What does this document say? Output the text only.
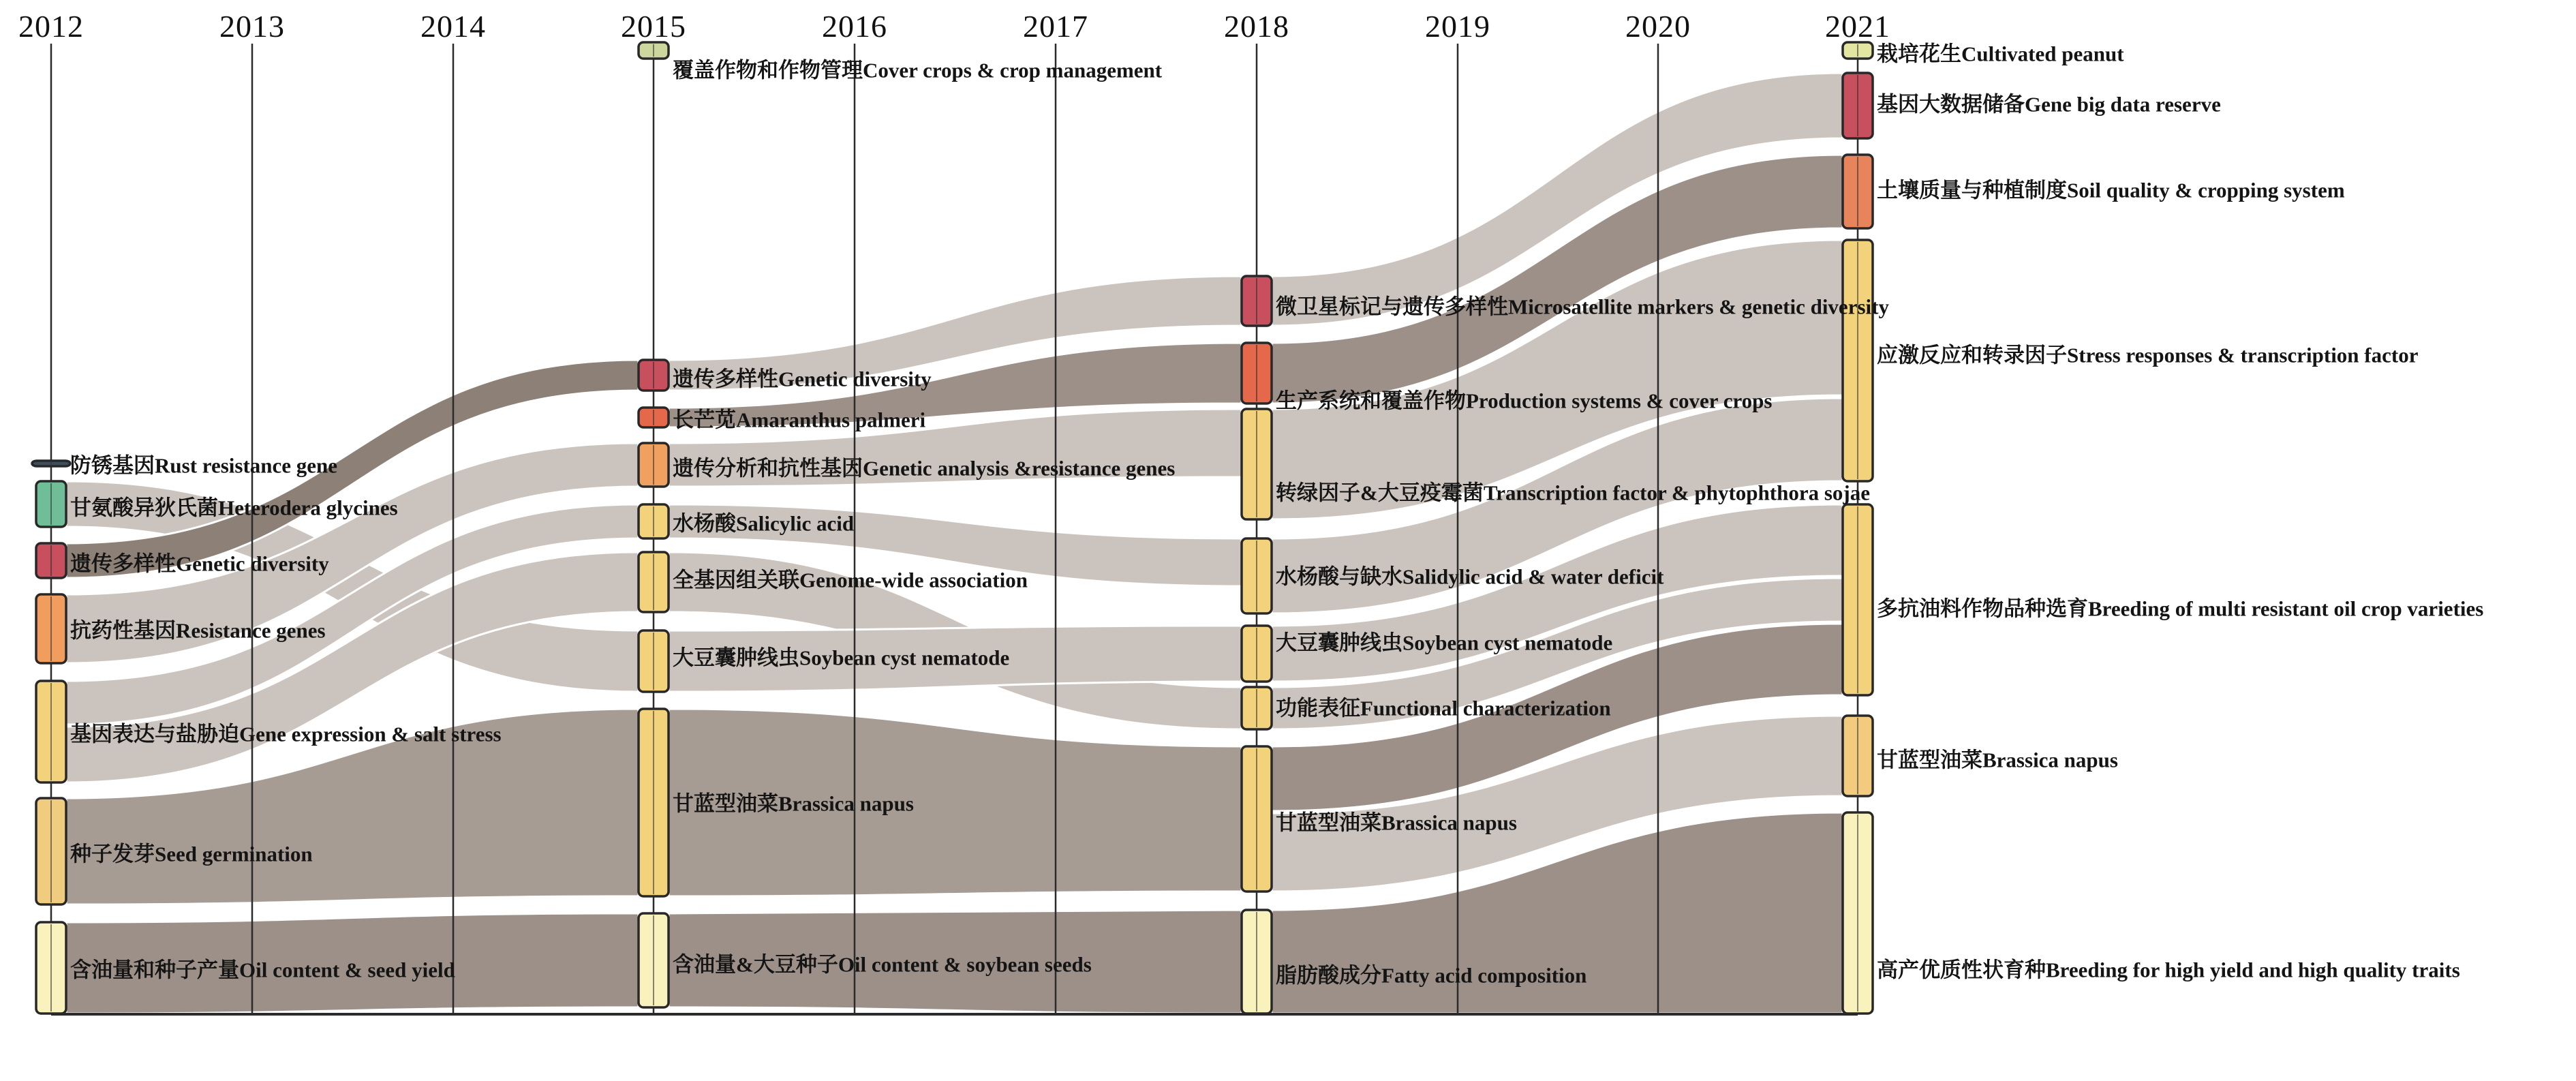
2012	2013	2014	2015	2016	2017	2018	2019	2020	2021
防锈基因Rust resistance gene
甘氨酸异狄氏菌Heterodera glycines
遗传多样性Genetic diversity
抗药性基因Resistance genes
基因表达与盐胁迫Gene expression & salt stress
种子发芽Seed germination
含油量和种子产量Oil content & seed yield
覆盖作物和作物管理Cover crops & crop management
遗传多样性Genetic diversity
长芒苋Amaranthus palmeri
遗传分析和抗性基因Genetic analysis &resistance genes
水杨酸Salicylic acid
全基因组关联Genome-wide association
大豆囊肿线虫Soybean cyst nematode
甘蓝型油菜Brassica napus
含油量&大豆种子Oil content & soybean seeds
微卫星标记与遗传多样性Microsatellite markers & genetic diversity
生产系统和覆盖作物Production systems & cover crops
转绿因子&大豆疫霉菌Transcription factor & phytophthora sojae
水杨酸与缺水Salidylic acid & water deficit
大豆囊肿线虫Soybean cyst nematode
功能表征Functional characterization
甘蓝型油菜Brassica napus
脂肪酸成分Fatty acid composition
栽培花生Cultivated peanut
基因大数据储备Gene big data reserve
土壤质量与种植制度Soil quality & cropping system
应激反应和转录因子Stress responses & transcription factor
多抗油料作物品种选育Breeding of multi resistant oil crop varieties
甘蓝型油菜Brassica napus
高产优质性状育种Breeding for high yield and high quality traits
